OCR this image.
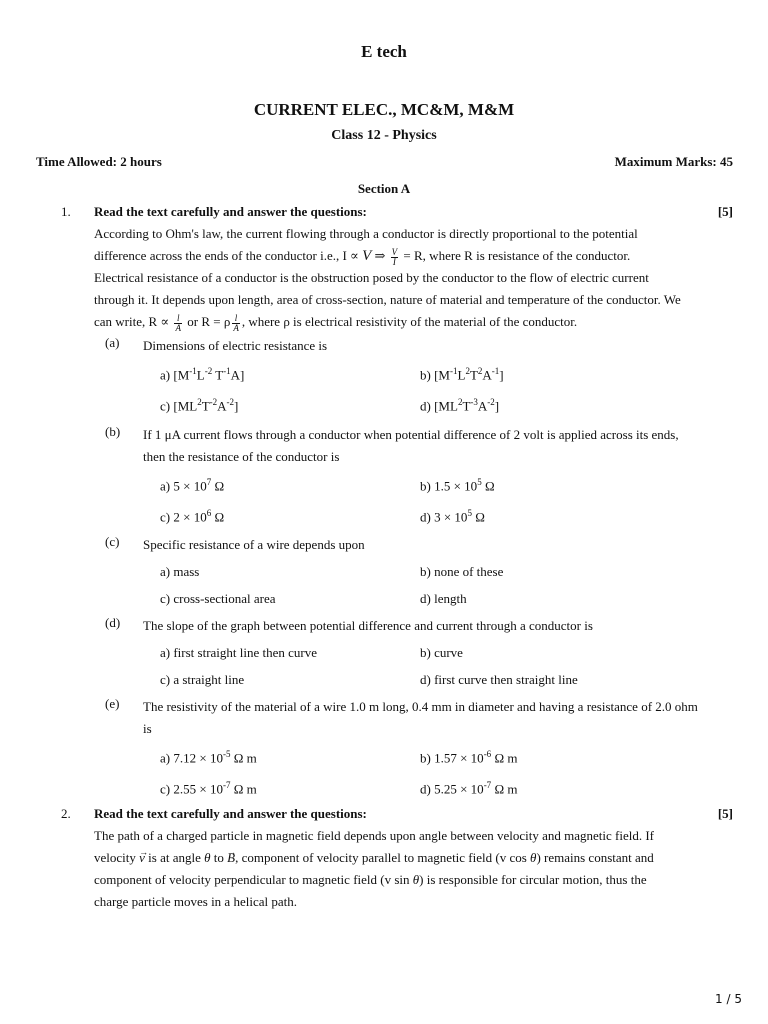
E tech
CURRENT ELEC., MC&M, M&M
Class 12 - Physics
Time Allowed: 2 hours	Maximum Marks: 45
Section A
1. Read the text carefully and answer the questions:	[5]
According to Ohm's law, the current flowing through a conductor is directly proportional to the potential
difference across the ends of the conductor i.e., I ∝ V ⇒ $\frac{V}{I} = R$, where R is resistance of the conductor.
Electrical resistance of a conductor is the obstruction posed by the conductor to the flow of electric current
through it. It depends upon length, area of cross-section, nature of material and temperature of the conductor. We
can write, $R \propto \frac{l}{A}$ or R = ρ $\frac{l}{A}$ , where ρ is electrical resistivity of the material of the conductor.
(a) Dimensions of electric resistance is
a) [$M^{-1}L^{-2}$ $T^{-1}A$]	b) $[M^{-1}L^2T^2A^{-1}]$
c) $[ML^2T^{-2}A^{-2}]$	d) $[ML^2T^{-3}A^{-2}]$
(b) If 1 μA current flows through a conductor when potential difference of 2 volt is applied across its ends,
then the resistance of the conductor is
a) $5 \times 10^7$ Ω	b) $1.5 \times 10^5$ Ω
c) $2 \times 10^6$ Ω	d) $3 \times 10^5$ Ω
(c) Specific resistance of a wire depends upon
a) mass	b) none of these
c) cross-sectional area	d) length
(d) The slope of the graph between potential difference and current through a conductor is
a) first straight line then curve	b) curve
c) a straight line	d) first curve then straight line
(e) The resistivity of the material of a wire 1.0 m long, 0.4 mm in diameter and having a resistance of 2.0 ohm
is
a) $7.12 \times 10^{-5}$ Ω m	b) $1.57 \times 10^{-6}$ Ω m
c) $2.55 \times 10^{-7}$ Ω m	d) $5.25 \times 10^{-7}$ Ω m
2. Read the text carefully and answer the questions:	[5]
The path of a charged particle in magnetic field depends upon angle between velocity and magnetic field. If
velocity → v is at angle θ to → B, component of velocity parallel to magnetic field (v cos θ) remains constant and
component of velocity perpendicular to magnetic field (v sin θ) is responsible for circular motion, thus the
charge particle moves in a helical path.
1 / 5
